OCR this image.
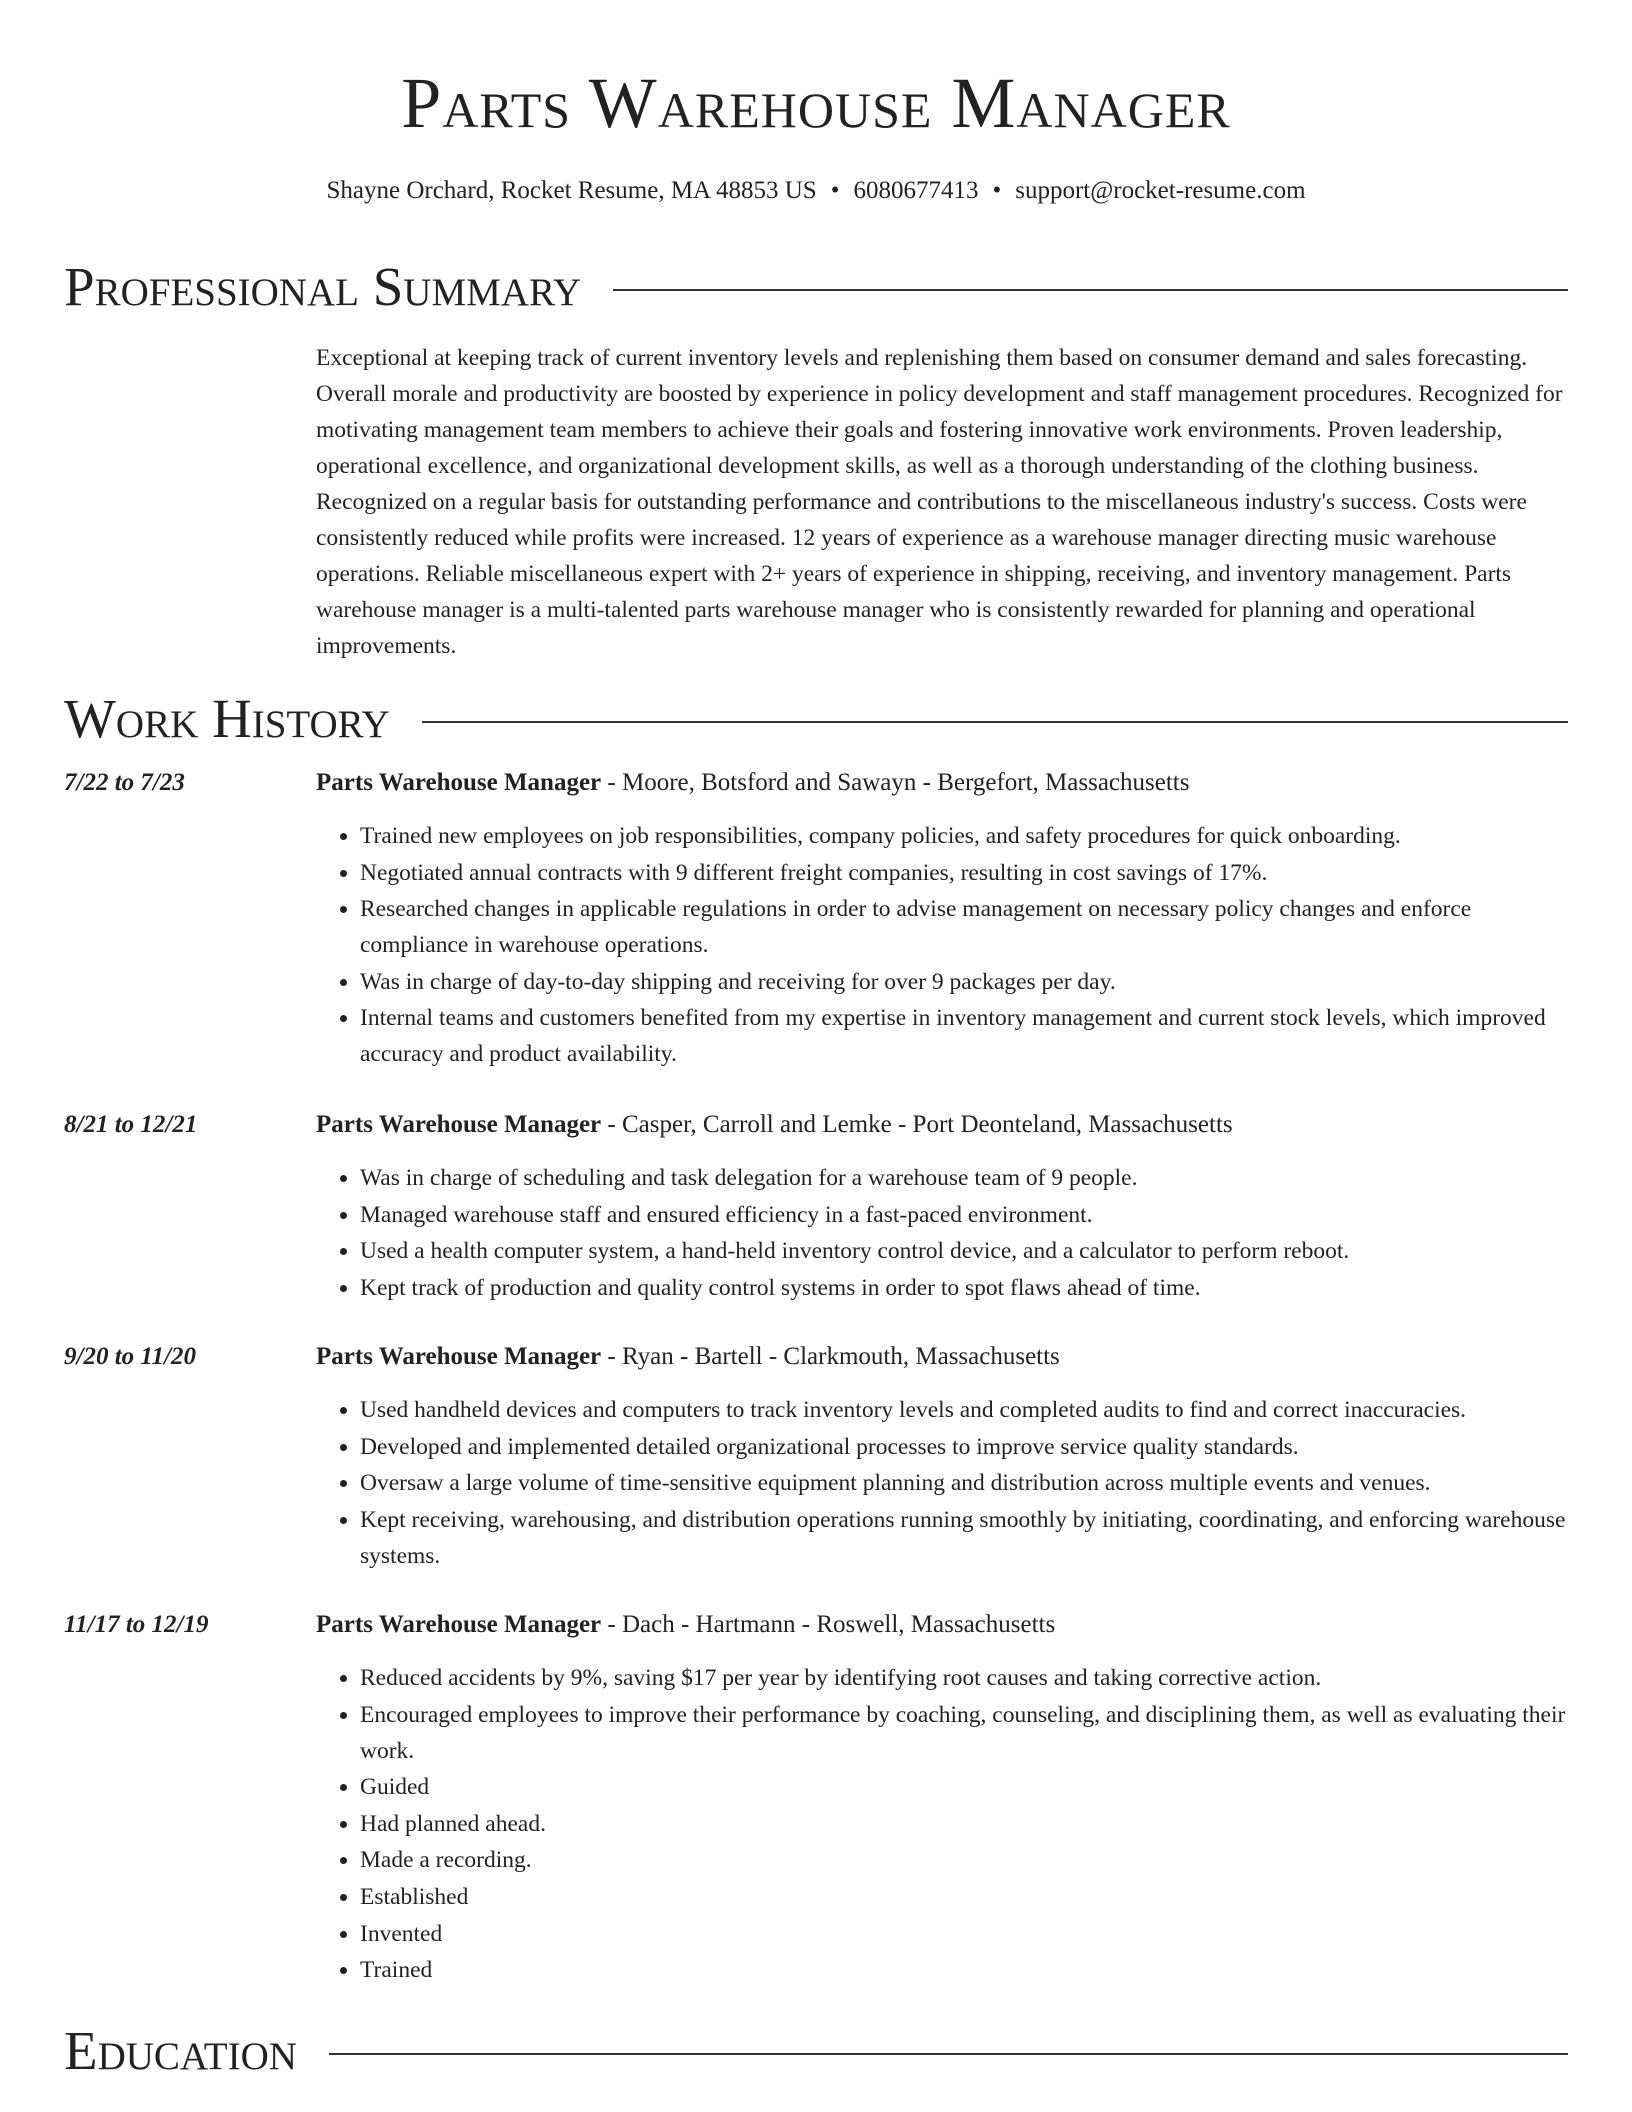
Parts Warehouse Manager
Shayne Orchard, Rocket Resume, MA 48853 US • 6080677413 • support@rocket-resume.com
Professional Summary
Exceptional at keeping track of current inventory levels and replenishing them based on consumer demand and sales forecasting. Overall morale and productivity are boosted by experience in policy development and staff management procedures. Recognized for motivating management team members to achieve their goals and fostering innovative work environments. Proven leadership, operational excellence, and organizational development skills, as well as a thorough understanding of the clothing business. Recognized on a regular basis for outstanding performance and contributions to the miscellaneous industry's success. Costs were consistently reduced while profits were increased. 12 years of experience as a warehouse manager directing music warehouse operations. Reliable miscellaneous expert with 2+ years of experience in shipping, receiving, and inventory management. Parts warehouse manager is a multi-talented parts warehouse manager who is consistently rewarded for planning and operational improvements.
Work History
7/22 to 7/23	Parts Warehouse Manager - Moore, Botsford and Sawayn - Bergefort, Massachusetts
• Trained new employees on job responsibilities, company policies, and safety procedures for quick onboarding.
• Negotiated annual contracts with 9 different freight companies, resulting in cost savings of 17%.
• Researched changes in applicable regulations in order to advise management on necessary policy changes and enforce compliance in warehouse operations.
• Was in charge of day-to-day shipping and receiving for over 9 packages per day.
• Internal teams and customers benefited from my expertise in inventory management and current stock levels, which improved accuracy and product availability.
8/21 to 12/21	Parts Warehouse Manager - Casper, Carroll and Lemke - Port Deonteland, Massachusetts
• Was in charge of scheduling and task delegation for a warehouse team of 9 people.
• Managed warehouse staff and ensured efficiency in a fast-paced environment.
• Used a health computer system, a hand-held inventory control device, and a calculator to perform reboot.
• Kept track of production and quality control systems in order to spot flaws ahead of time.
9/20 to 11/20	Parts Warehouse Manager - Ryan - Bartell - Clarkmouth, Massachusetts
• Used handheld devices and computers to track inventory levels and completed audits to find and correct inaccuracies.
• Developed and implemented detailed organizational processes to improve service quality standards.
• Oversaw a large volume of time-sensitive equipment planning and distribution across multiple events and venues.
• Kept receiving, warehousing, and distribution operations running smoothly by initiating, coordinating, and enforcing warehouse systems.
11/17 to 12/19	Parts Warehouse Manager - Dach - Hartmann - Roswell, Massachusetts
• Reduced accidents by 9%, saving $17 per year by identifying root causes and taking corrective action.
• Encouraged employees to improve their performance by coaching, counseling, and disciplining them, as well as evaluating their work.
• Guided
• Had planned ahead.
• Made a recording.
• Established
• Invented
• Trained
Education
